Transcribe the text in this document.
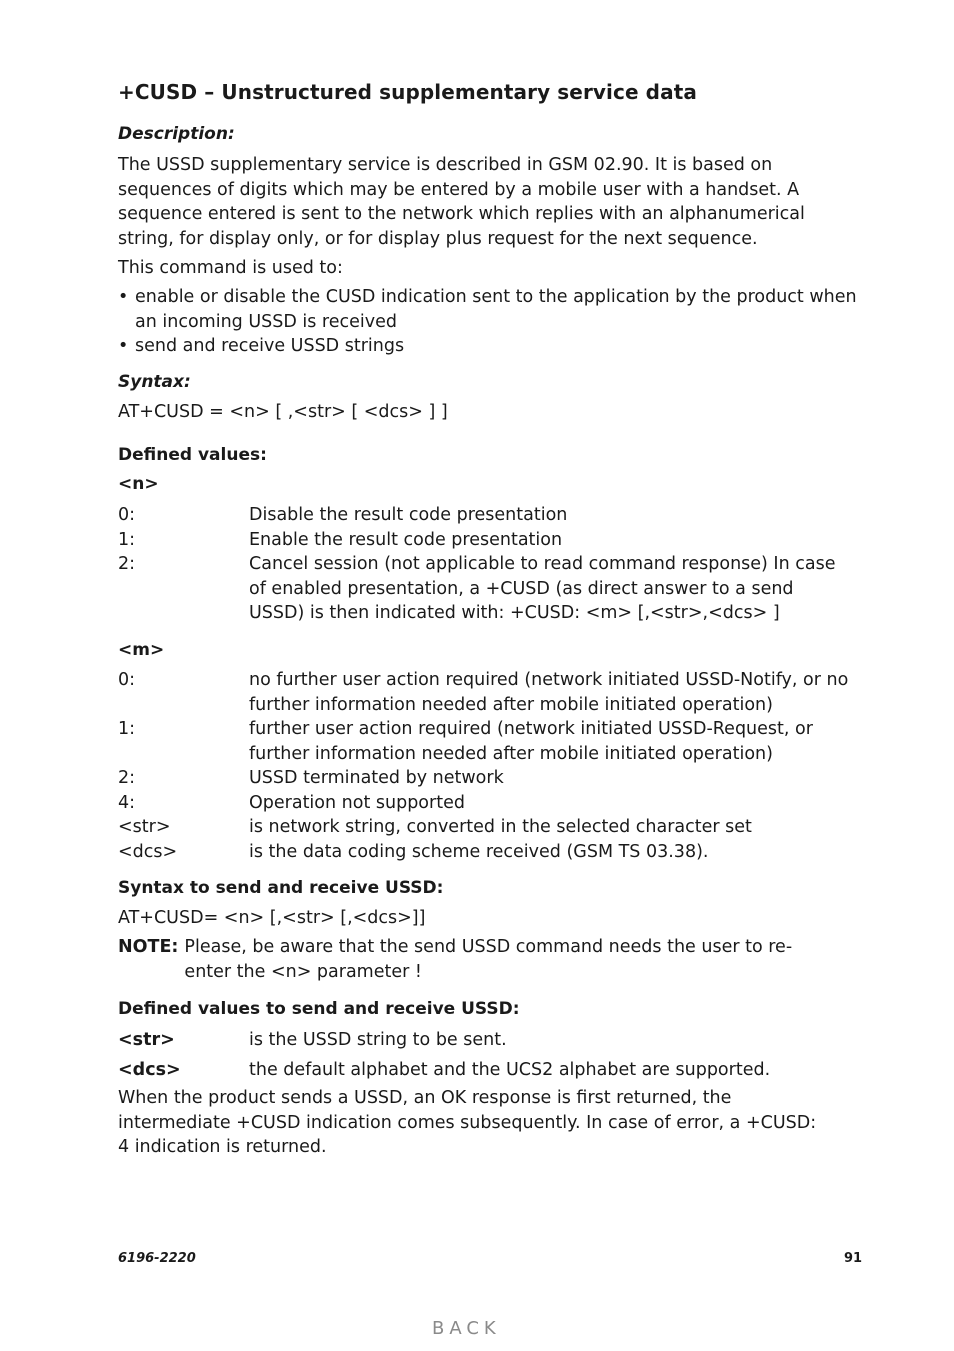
+CUSD – Unstructured supplementary service data
Description:

The USSD supplementary service is described in GSM 02.90. It is based on sequences of digits which may be entered by a mobile user with a handset. A sequence entered is sent to the network which replies with an alphanumerical string, for display only, or for display plus request for the next sequence.

This command is used to:

• enable or disable the CUSD indication sent to the application by the product when an incoming USSD is received
• send and receive USSD strings
Syntax:

AT+CUSD = <n> [ ,<str> [ <dcs> ] ]

Defined values:
<n>
0:	Disable the result code presentation
1:	Enable the result code presentation
2:	Cancel session (not applicable to read command response) In case of enabled presentation, a +CUSD (as direct answer to a send USSD) is then indicated with: +CUSD: <m> [,<str>,<dcs> ]
<m>
0:	no further user action required (network initiated USSD-Notify, or no further information needed after mobile initiated operation)
1:	further user action required (network initiated USSD-Request, or further information needed after mobile initiated operation)
2:	USSD terminated by network
4:	Operation not supported
<str>	is network string, converted in the selected character set
<dcs>	is the data coding scheme received (GSM TS 03.38).
Syntax to send and receive USSD:

AT+CUSD= <n> [,<str> [,<dcs>]]

NOTE: Please, be aware that the send USSD command needs the user to re-enter the <n> parameter !
Defined values to send and receive USSD:
<str>	is the USSD string to be sent.
<dcs>	the default alphabet and the UCS2 alphabet are supported.

When the product sends a USSD, an OK response is first returned, the intermediate +CUSD indication comes subsequently. In case of error, a +CUSD: 4 indication is returned.

6196-2220	91
BACK
